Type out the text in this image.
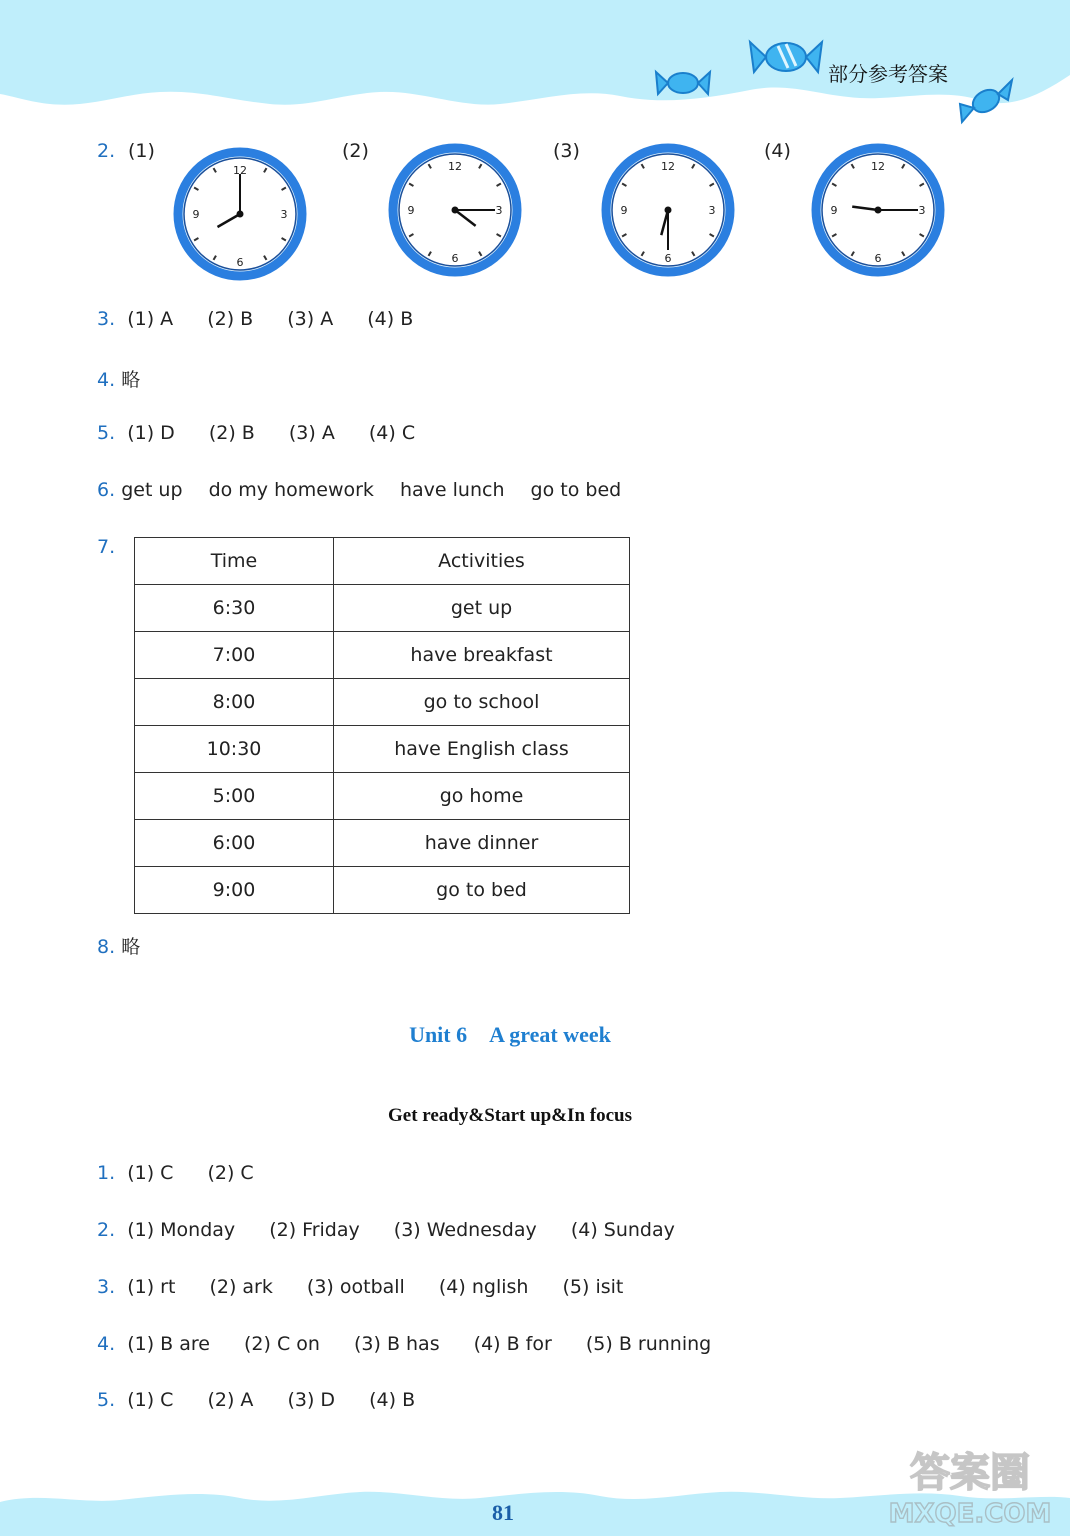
部分参考答案
2. (1)	(2)	(3)	(4)
12
3
6
9
12
3
6
9
12
3
6
9
12
3
6
9
3. (1) A (2) B (3) A (4) B
4. 略
5. (1) D (2) B (3) A (4) C
6. get up do my homework have lunch go to bed
7.
Time	Activities
6:30	get up
7:00	have breakfast
8:00	go to school
10:30	have English class
5:00	go home
6:00	have dinner
9:00	go to bed
8. 略
Unit 6　A great week
Get ready&Start up&In focus
1. (1) C (2) C
2. (1) Monday (2) Friday (3) Wednesday (4) Sunday
3. (1) rt (2) ark (3) ootball (4) nglish (5) isit
4. (1) B are (2) C on (3) B has (4) B for (5) B running
5. (1) C (2) A (3) D (4) B
81
答案圈
MXQE.COM
